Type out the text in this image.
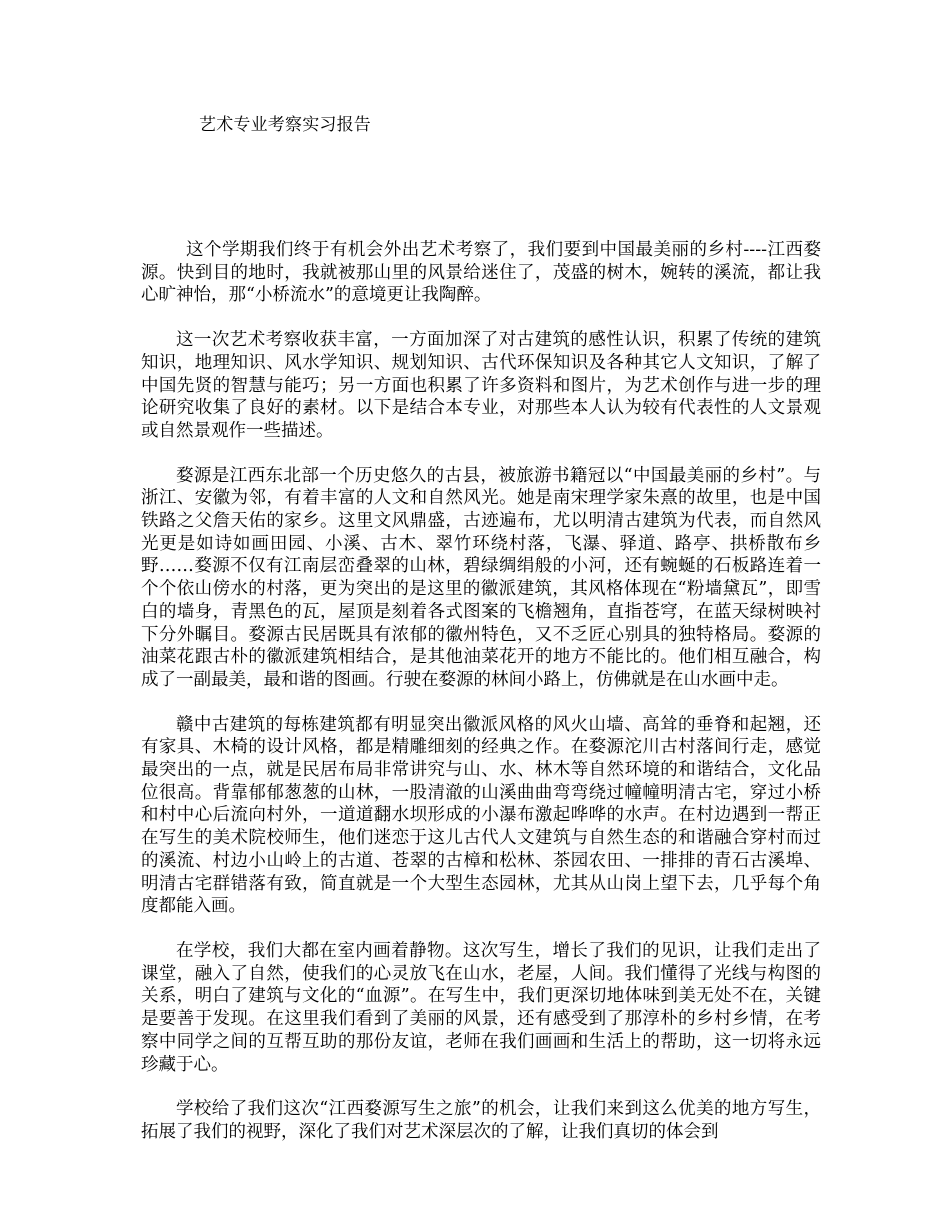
艺术专业考察实习报告

这个学期我们终于有机会外出艺术考察了，我们要到中国最美丽的乡村----江西婺源。快到目的地时，我就被那山里的风景给迷住了，茂盛的树木，婉转的溪流，都让我心旷神怡，那“小桥流水”的意境更让我陶醉。

这一次艺术考察收获丰富，一方面加深了对古建筑的感性认识，积累了传统的建筑知识，地理知识、风水学知识、规划知识、古代环保知识及各种其它人文知识，了解了中国先贤的智慧与能巧；另一方面也积累了许多资料和图片，为艺术创作与进一步的理论研究收集了良好的素材。以下是结合本专业，对那些本人认为较有代表性的人文景观或自然景观作一些描述。

婺源是江西东北部一个历史悠久的古县，被旅游书籍冠以“中国最美丽的乡村”。与浙江、安徽为邻，有着丰富的人文和自然风光。她是南宋理学家朱熹的故里，也是中国铁路之父詹天佑的家乡。这里文风鼎盛，古迹遍布，尤以明清古建筑为代表，而自然风光更是如诗如画田园、小溪、古木、翠竹环绕村落，飞瀑、驿道、路亭、拱桥散布乡野……婺源不仅有江南层峦叠翠的山林，碧绿绸绢般的小河，还有蜿蜒的石板路连着一个个依山傍水的村落，更为突出的是这里的徽派建筑，其风格体现在“粉墙黛瓦”，即雪白的墙身，青黑色的瓦，屋顶是刻着各式图案的飞檐翘角，直指苍穹，在蓝天绿树映衬下分外瞩目。婺源古民居既具有浓郁的徽州特色，又不乏匠心别具的独特格局。婺源的油菜花跟古朴的徽派建筑相结合，是其他油菜花开的地方不能比的。他们相互融合，构成了一副最美，最和谐的图画。行驶在婺源的林间小路上，仿佛就是在山水画中走。

赣中古建筑的每栋建筑都有明显突出徽派风格的风火山墙、高耸的垂脊和起翘，还有家具、木椅的设计风格，都是精雕细刻的经典之作。在婺源沱川古村落间行走，感觉最突出的一点，就是民居布局非常讲究与山、水、林木等自然环境的和谐结合，文化品位很高。背靠郁郁葱葱的山林，一股清澈的山溪曲曲弯弯绕过幢幢明清古宅，穿过小桥和村中心后流向村外，一道道翻水坝形成的小瀑布激起哗哗的水声。在村边遇到一帮正在写生的美术院校师生，他们迷恋于这儿古代人文建筑与自然生态的和谐融合穿村而过的溪流、村边小山岭上的古道、苍翠的古樟和松林、茶园农田、一排排的青石古溪埠、明清古宅群错落有致，简直就是一个大型生态园林，尤其从山岗上望下去，几乎每个角度都能入画。

在学校，我们大都在室内画着静物。这次写生，增长了我们的见识，让我们走出了课堂，融入了自然，使我们的心灵放飞在山水，老屋，人间。我们懂得了光线与构图的关系，明白了建筑与文化的“血源”。在写生中，我们更深切地体味到美无处不在，关键是要善于发现。在这里我们看到了美丽的风景，还有感受到了那淳朴的乡村乡情，在考察中同学之间的互帮互助的那份友谊，老师在我们画画和生活上的帮助，这一切将永远珍藏于心。

学校给了我们这次“江西婺源写生之旅”的机会，让我们来到这么优美的地方写生，拓展了我们的视野，深化了我们对艺术深层次的了解，让我们真切的体会到
